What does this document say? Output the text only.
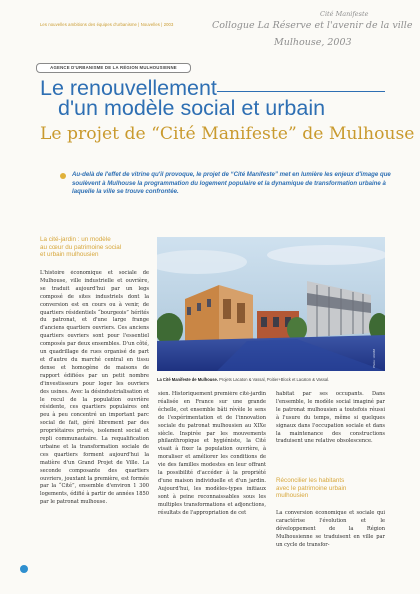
Les nouvelles ambitions des équipes d'urbanisme | Nouvelles | 2003
Cité Manifeste
Collogue La Réserve et l'avenir de la ville
Mulhouse, 2003
AGENCE D'URBANISME DE LA RÉGION MULHOUSIENNE
Le renouvellement
d'un modèle social et urbain
Le projet de “Cité Manifeste” de Mulhouse
Au-delà de l'effet de vitrine qu'il provoque, le projet de “Cité Manifeste” met en lumière les enjeux d'image que soulèvent à Mulhouse la programmation du logement populaire et la dynamique de transformation urbaine à laquelle la ville se trouve confrontée.
La cité-jardin : un modèle
au cœur du patrimoine social
et urbain mulhousien

L'histoire économique et sociale de Mulhouse, ville industrielle et ouvrière, se traduit aujourd'hui par un legs composé de sites industriels dont la conversion est en cours ou à venir, de quartiers résidentiels “bourgeois” hérités du patronat, et d'une large frange d'anciens quartiers ouvriers. Ces anciens quartiers ouvriers sont pour l'essentiel composés par deux ensembles. D'un côté, un quadrillage de rues organisé de part et d'autre du marché central en tissu dense et homogène de maisons de rapport édifiées par un petit nombre d'investisseurs pour loger les ouvriers des usines. Avec la désindustrialisation et le recul de la population ouvrière résidente, ces quartiers populaires ont peu à peu concentré un important parc social de fait, géré librement par des propriétaires privés, isolement social et repli communautaire. La requalification urbaine et la transformation sociale de ces quartiers forment aujourd'hui la matière d'un Grand Projet de Ville. La seconde composante des quartiers ouvriers, jouxtant la première, est formée par la “Cité”, ensemble d'environ 1 300 logements, édifié à partir de années 1850 par le patronat mulhouse.

Photo : AURM
La Cité Manifeste de Mulhouse. Projets Lacaton & Vassal, Poitier+Block et Lacaton & Vassal.

sien. Historiquement première cité-jardin réalisée en France sur une grande échelle, cet ensemble bâti révèle le sens de l'expérimentation et de l'innovation sociale du patronat mulhousien au XIXe siècle. Inspirée par les mouvements philanthropique et hygiéniste, la Cité visait à fixer la population ouvrière, à moraliser et améliorer les conditions de vie des familles modestes en leur offrant la possibilité d'accéder à la propriété d'une maison individuelle et d'un jardin. Aujourd'hui, les modèles-types initiaux sont à peine reconnaissables sous les multiples transformations et adjonctions, résultats de l'appropriation de cet

habitat par ses occupants. Dans l'ensemble, le modèle social imaginé par le patronat mulhousien a toutefois réussi à l'usure du temps, même si quelques signaux dans l'occupation sociale et dans la maintenance des constructions traduisent une relative obsolescence.

Réconcilier les habitants
avec le patrimoine urbain
mulhousien

La conversion économique et sociale qui caractérise l'évolution et le développement de la Région Mulhousienne se traduisent en ville par un cycle de transfor-
